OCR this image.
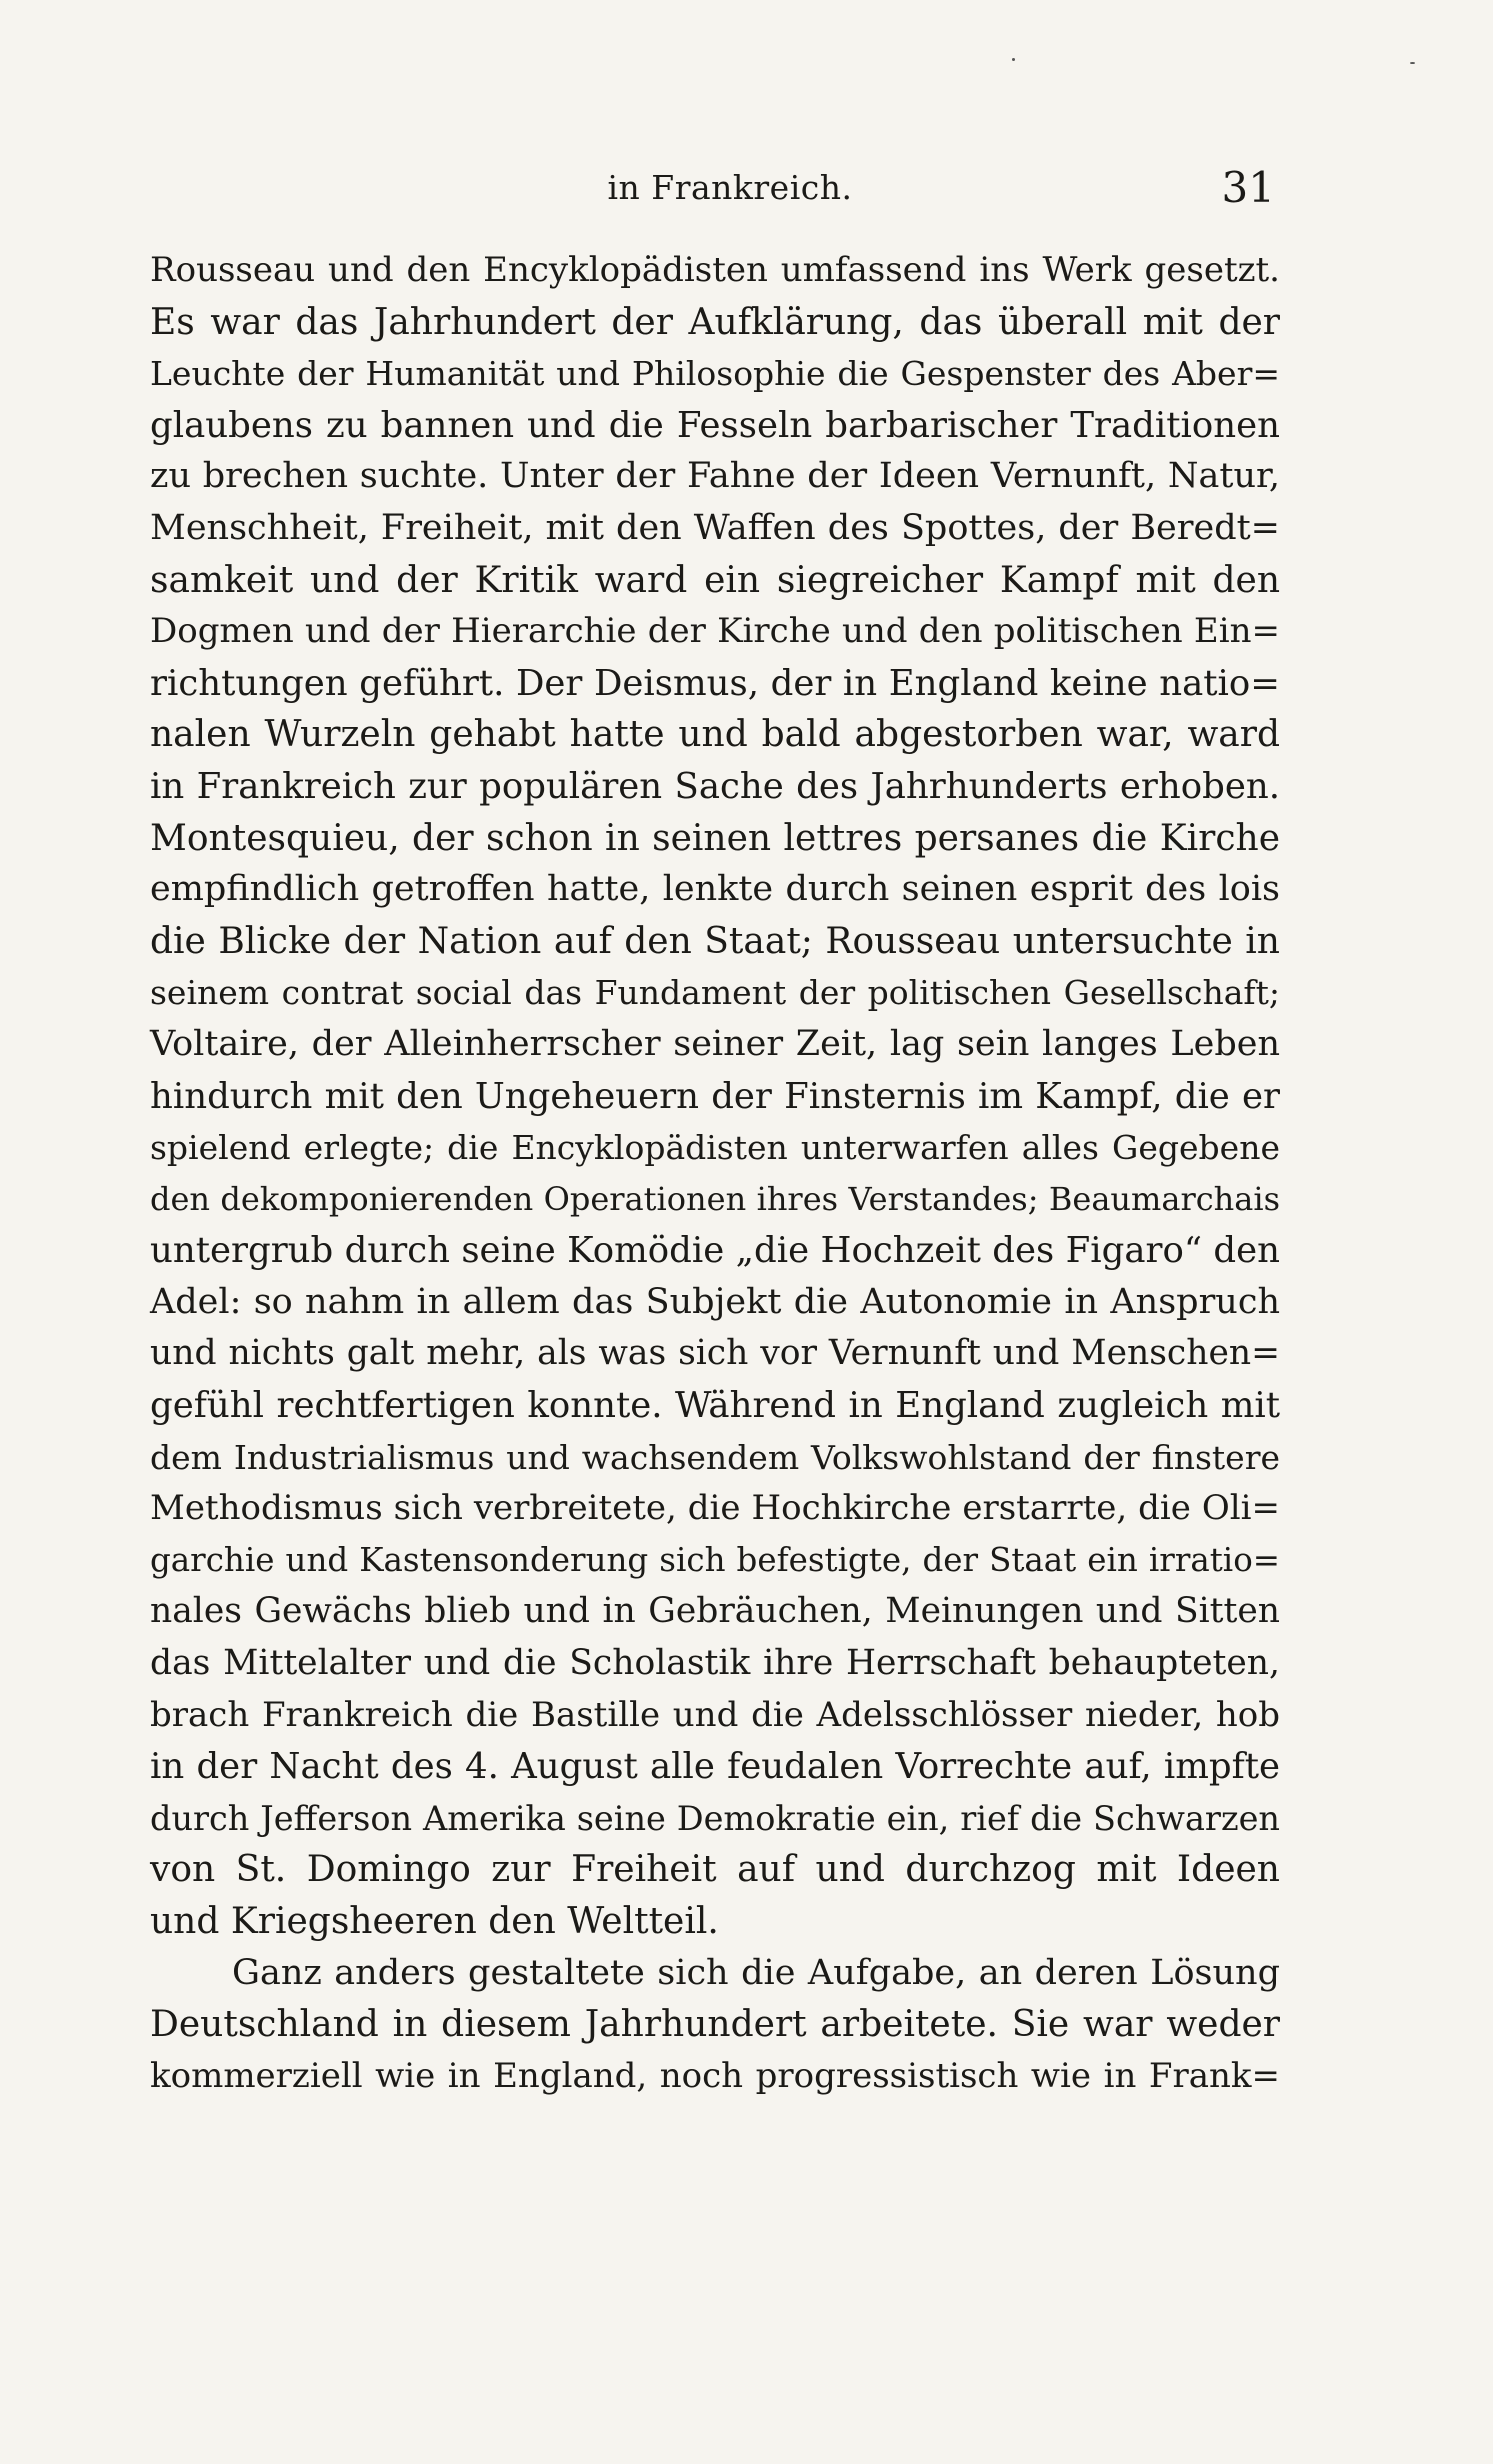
in Frankreich.	31
Rousseau und den Encyklopädisten umfassend ins Werk gesetzt.
Es war das Jahrhundert der Aufklärung, das überall mit der
Leuchte der Humanität und Philosophie die Gespenster des Aber=
glaubens zu bannen und die Fesseln barbarischer Traditionen
zu brechen suchte. Unter der Fahne der Ideen Vernunft, Natur,
Menschheit, Freiheit, mit den Waffen des Spottes, der Beredt=
samkeit und der Kritik ward ein siegreicher Kampf mit den
Dogmen und der Hierarchie der Kirche und den politischen Ein=
richtungen geführt. Der Deismus, der in England keine natio=
nalen Wurzeln gehabt hatte und bald abgestorben war, ward
in Frankreich zur populären Sache des Jahrhunderts erhoben.
Montesquieu, der schon in seinen lettres persanes die Kirche
empfindlich getroffen hatte, lenkte durch seinen esprit des lois
die Blicke der Nation auf den Staat; Rousseau untersuchte in
seinem contrat social das Fundament der politischen Gesellschaft;
Voltaire, der Alleinherrscher seiner Zeit, lag sein langes Leben
hindurch mit den Ungeheuern der Finsternis im Kampf, die er
spielend erlegte; die Encyklopädisten unterwarfen alles Gegebene
den dekomponierenden Operationen ihres Verstandes; Beaumarchais
untergrub durch seine Komödie „die Hochzeit des Figaro“ den
Adel: so nahm in allem das Subjekt die Autonomie in Anspruch
und nichts galt mehr, als was sich vor Vernunft und Menschen=
gefühl rechtfertigen konnte. Während in England zugleich mit
dem Industrialismus und wachsendem Volkswohlstand der finstere
Methodismus sich verbreitete, die Hochkirche erstarrte, die Oli=
garchie und Kastensonderung sich befestigte, der Staat ein irratio=
nales Gewächs blieb und in Gebräuchen, Meinungen und Sitten
das Mittelalter und die Scholastik ihre Herrschaft behaupteten,
brach Frankreich die Bastille und die Adelsschlösser nieder, hob
in der Nacht des 4. August alle feudalen Vorrechte auf, impfte
durch Jefferson Amerika seine Demokratie ein, rief die Schwarzen
von St. Domingo zur Freiheit auf und durchzog mit Ideen
und Kriegsheeren den Weltteil.
Ganz anders gestaltete sich die Aufgabe, an deren Lösung
Deutschland in diesem Jahrhundert arbeitete. Sie war weder
kommerziell wie in England, noch progressistisch wie in Frank=
